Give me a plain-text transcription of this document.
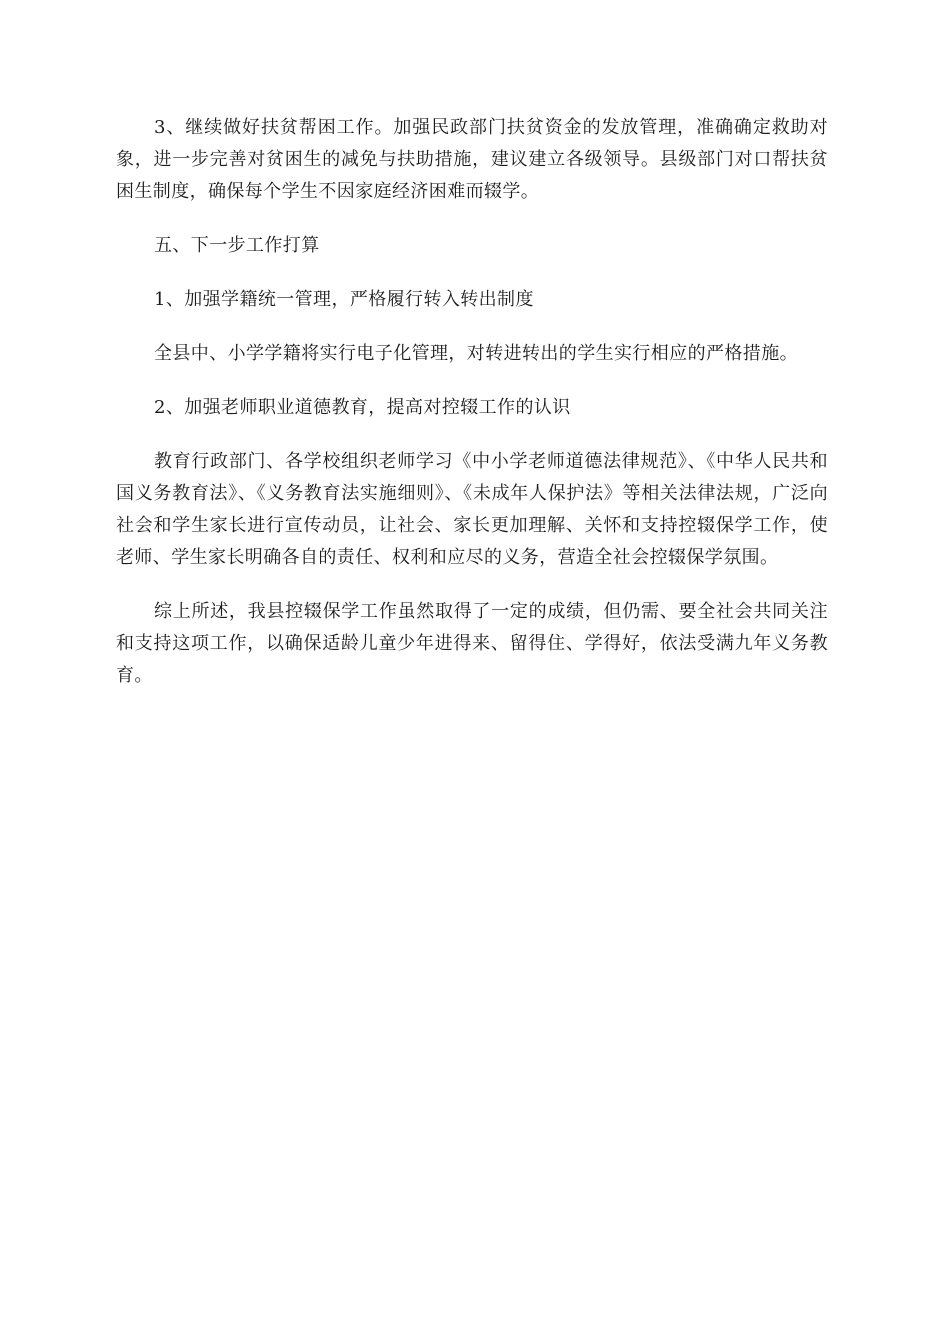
3、继续做好扶贫帮困工作。加强民政部门扶贫资金的发放管理，准确确定救助对象，进一步完善对贫困生的减免与扶助措施，建议建立各级领导。县级部门对口帮扶贫困生制度，确保每个学生不因家庭经济困难而辍学。

五、下一步工作打算

1、加强学籍统一管理，严格履行转入转出制度

全县中、小学学籍将实行电子化管理，对转进转出的学生实行相应的严格措施。

2、加强老师职业道德教育，提高对控辍工作的认识

教育行政部门、各学校组织老师学习《中小学老师道德法律规范》、《中华人民共和国义务教育法》、《义务教育法实施细则》、《未成年人保护法》等相关法律法规，广泛向社会和学生家长进行宣传动员，让社会、家长更加理解、关怀和支持控辍保学工作，使老师、学生家长明确各自的责任、权利和应尽的义务，营造全社会控辍保学氛围。

综上所述，我县控辍保学工作虽然取得了一定的成绩，但仍需、要全社会共同关注和支持这项工作，以确保适龄儿童少年进得来、留得住、学得好，依法受满九年义务教育。
